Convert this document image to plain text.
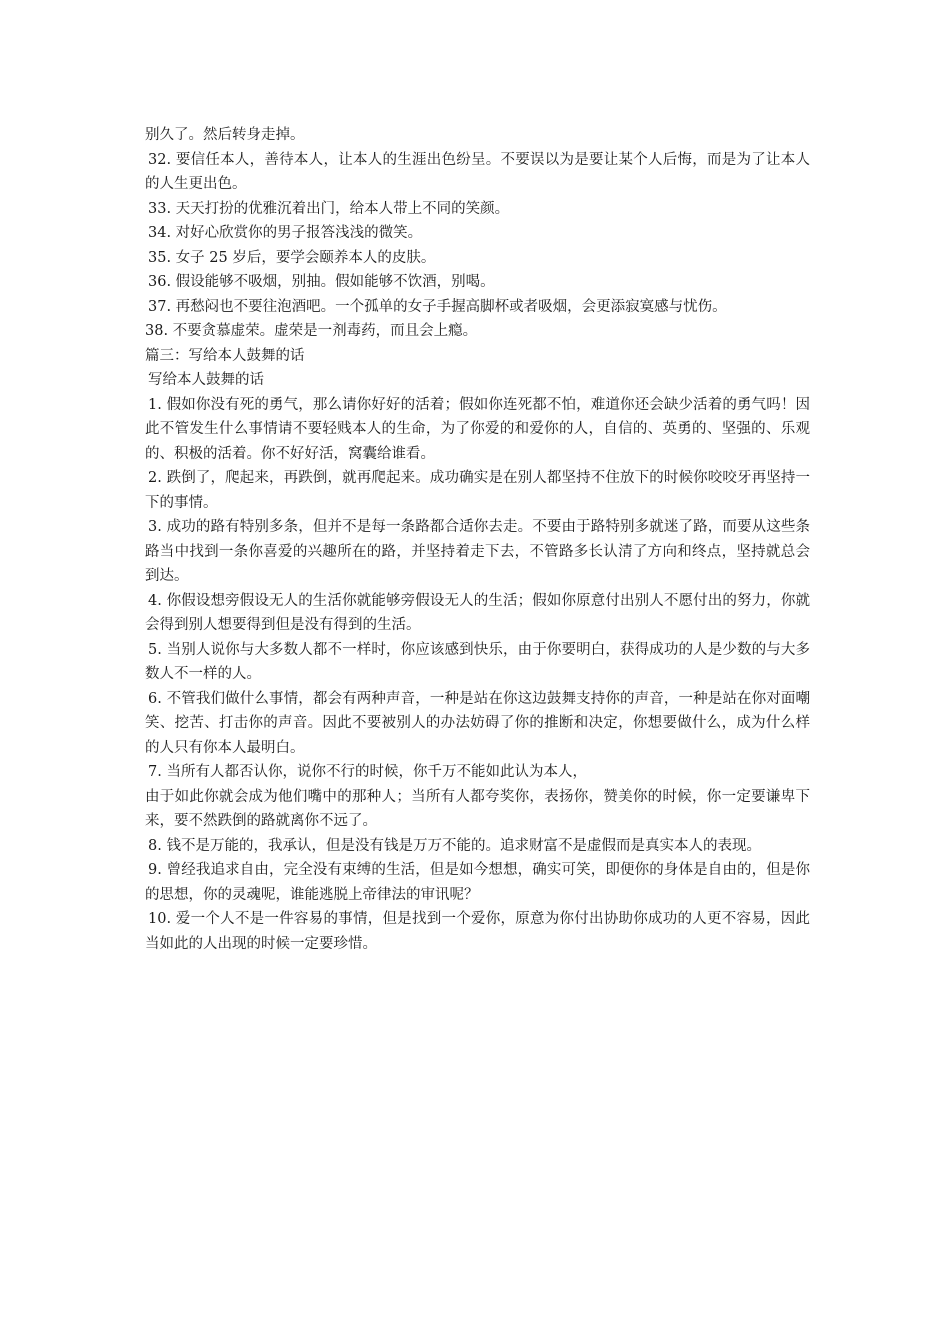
别久了。然后转身走掉。

32. 要信任本人，善待本人，让本人的生涯出色纷呈。不要误以为是要让某个人后悔，而是为了让本人的人生更出色。

33. 天天打扮的优雅沉着出门，给本人带上不同的笑颜。

34. 对好心欣赏你的男子报答浅浅的微笑。

35. 女子 25 岁后，要学会颐养本人的皮肤。

36. 假设能够不吸烟，别抽。假如能够不饮酒，别喝。

37. 再愁闷也不要往泡酒吧。一个孤单的女子手握高脚杯或者吸烟，会更添寂寞感与忧伤。

38. 不要贪慕虚荣。虚荣是一剂毒药，而且会上瘾。

篇三：写给本人鼓舞的话

写给本人鼓舞的话

1. 假如你没有死的勇气，那么请你好好的活着；假如你连死都不怕，难道你还会缺少活着的勇气吗！因此不管发生什么事情请不要轻贱本人的生命，为了你爱的和爱你的人，自信的、英勇的、坚强的、乐观的、积极的活着。你不好好活，窝囊给谁看。

2. 跌倒了，爬起来，再跌倒，就再爬起来。成功确实是在别人都坚持不住放下的时候你咬咬牙再坚持一下的事情。

3. 成功的路有特别多条，但并不是每一条路都合适你去走。不要由于路特别多就迷了路，而要从这些条路当中找到一条你喜爱的兴趣所在的路，并坚持着走下去，不管路多长认清了方向和终点，坚持就总会到达。

4. 你假设想旁假设无人的生活你就能够旁假设无人的生活；假如你原意付出别人不愿付出的努力，你就会得到别人想要得到但是没有得到的生活。

5. 当别人说你与大多数人都不一样时，你应该感到快乐，由于你要明白，获得成功的人是少数的与大多数人不一样的人。

6. 不管我们做什么事情，都会有两种声音，一种是站在你这边鼓舞支持你的声音，一种是站在你对面嘲笑、挖苦、打击你的声音。因此不要被别人的办法妨碍了你的推断和决定，你想要做什么，成为什么样的人只有你本人最明白。

7. 当所有人都否认你，说你不行的时候，你千万不能如此认为本人，

由于如此你就会成为他们嘴中的那种人；当所有人都夸奖你，表扬你，赞美你的时候，你一定要谦卑下来，要不然跌倒的路就离你不远了。

8. 钱不是万能的，我承认，但是没有钱是万万不能的。追求财富不是虚假而是真实本人的表现。

9. 曾经我追求自由，完全没有束缚的生活，但是如今想想，确实可笑，即便你的身体是自由的，但是你的思想，你的灵魂呢，谁能逃脱上帝律法的审讯呢？

10. 爱一个人不是一件容易的事情，但是找到一个爱你，原意为你付出协助你成功的人更不容易，因此当如此的人出现的时候一定要珍惜。
